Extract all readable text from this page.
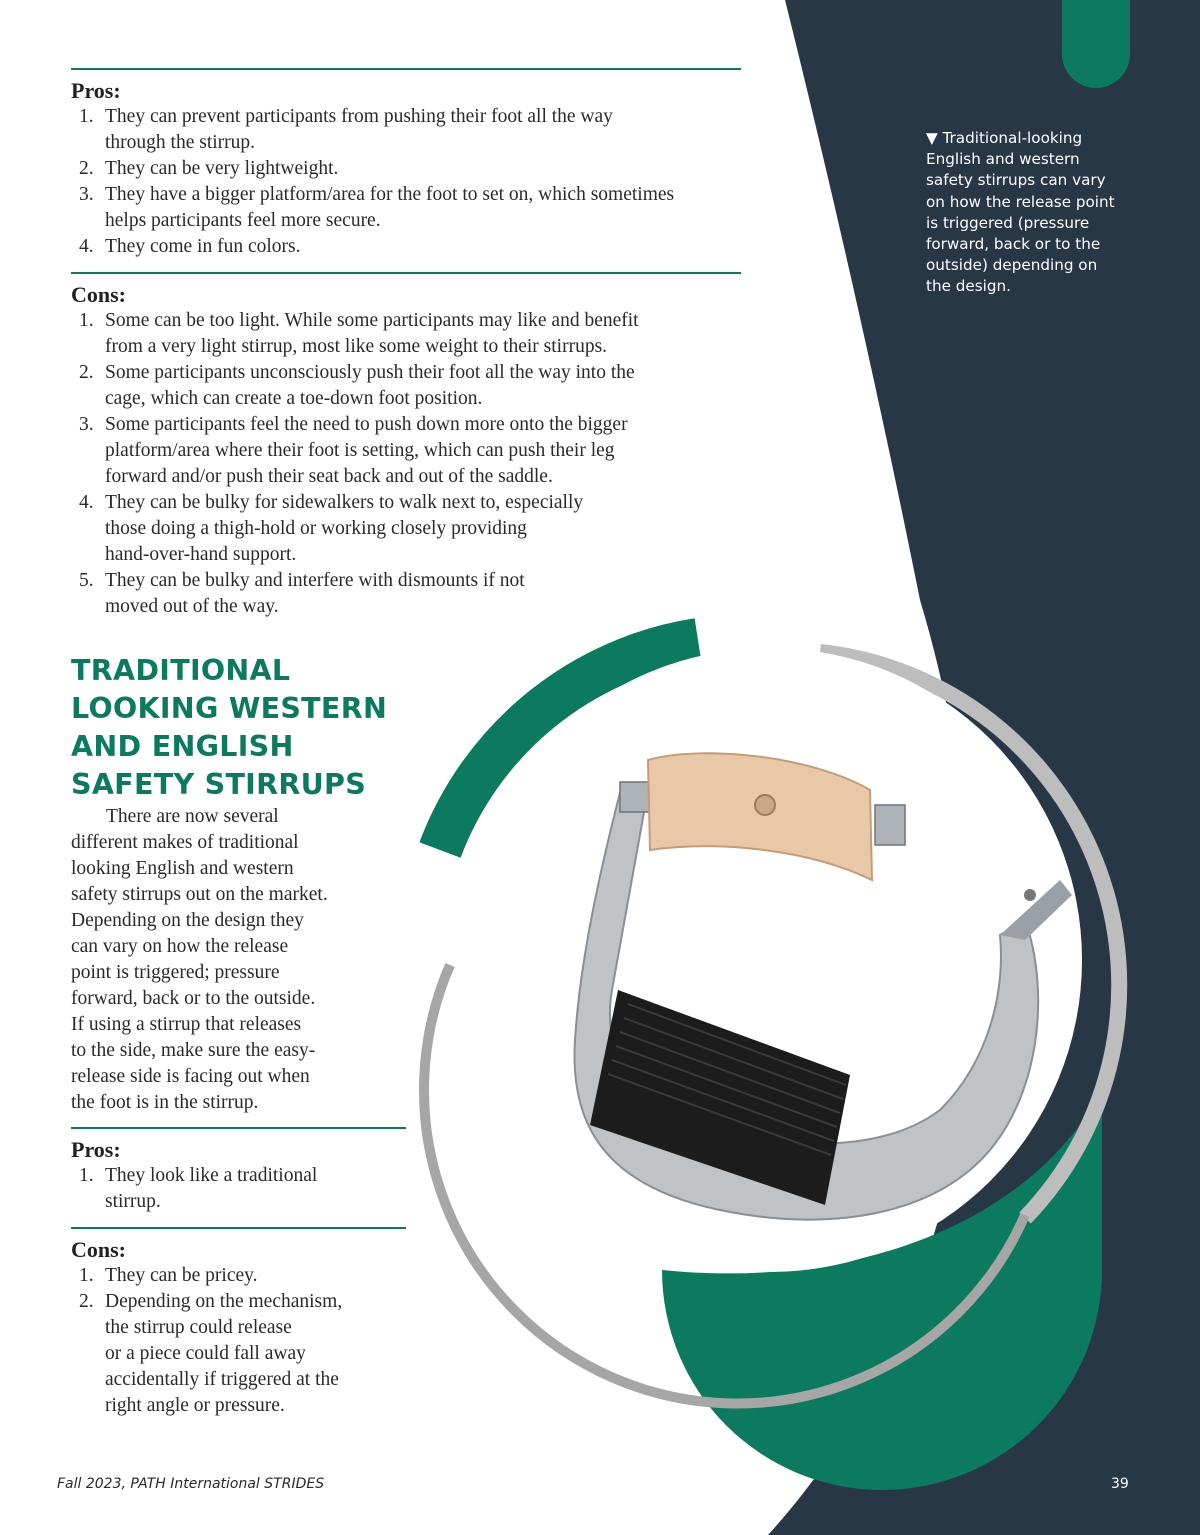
Pros:
1. They can prevent participants from pushing their foot all the way
through the stirrup.
2. They can be very lightweight.
3. They have a bigger platform/area for the foot to set on, which sometimes
helps participants feel more secure.
4. They come in fun colors.
Cons:
1. Some can be too light. While some participants may like and benefit
from a very light stirrup, most like some weight to their stirrups.
2. Some participants unconsciously push their foot all the way into the
cage, which can create a toe-down foot position.
3. Some participants feel the need to push down more onto the bigger
platform/area where their foot is setting, which can push their leg
forward and/or push their seat back and out of the saddle.
4. They can be bulky for sidewalkers to walk next to, especially
those doing a thigh-hold or working closely providing
hand-over-hand support.
5. They can be bulky and interfere with dismounts if not
moved out of the way.
TRADITIONAL
LOOKING WESTERN
AND ENGLISH
SAFETY STIRRUPS

There are now several
different makes of traditional
looking English and western
safety stirrups out on the market.
Depending on the design they
can vary on how the release
point is triggered; pressure
forward, back or to the outside.
If using a stirrup that releases
to the side, make sure the easy-
release side is facing out when
the foot is in the stirrup.

Pros:
1. They look like a traditional
stirrup.
Cons:
1. They can be pricey.
2. Depending on the mechanism,
the stirrup could release
or a piece could fall away
accidentally if triggered at the
right angle or pressure.

▼ Traditional-looking
English and western
safety stirrups can vary
on how the release point
is triggered (pressure
forward, back or to the
outside) depending on
the design.

Fall 2023, PATH International STRIDES	39
